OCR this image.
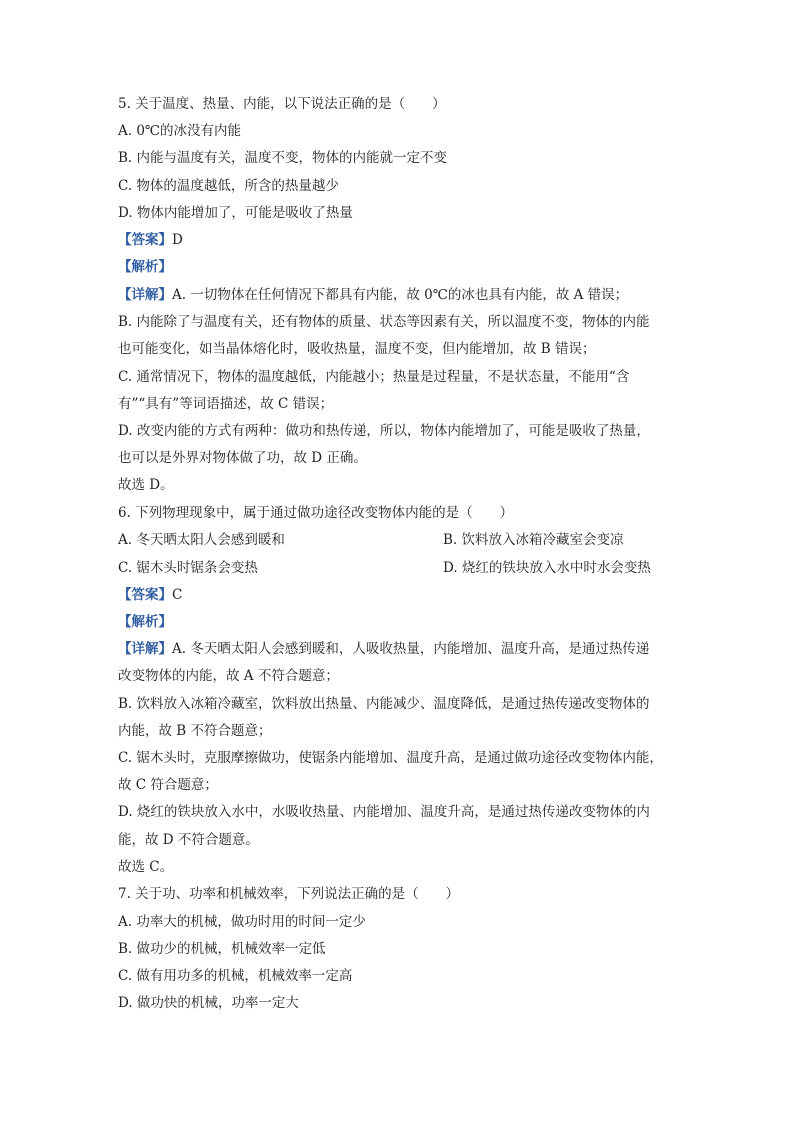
5. 关于温度、热量、内能，以下说法正确的是（　　）
A. 0℃的冰没有内能
B. 内能与温度有关，温度不变，物体的内能就一定不变
C. 物体的温度越低，所含的热量越少
D. 物体内能增加了，可能是吸收了热量
【答案】D
【解析】
【详解】A. 一切物体在任何情况下都具有内能，故 0℃的冰也具有内能，故 A 错误；
B. 内能除了与温度有关，还有物体的质量、状态等因素有关，所以温度不变，物体的内能
也可能变化，如当晶体熔化时，吸收热量，温度不变，但内能增加，故 B 错误；
C. 通常情况下，物体的温度越低，内能越小；热量是过程量，不是状态量，不能用“含
有”“具有”等词语描述，故 C 错误；
D. 改变内能的方式有两种：做功和热传递，所以，物体内能增加了，可能是吸收了热量，
也可以是外界对物体做了功，故 D 正确。
故选 D。
6. 下列物理现象中，属于通过做功途径改变物体内能的是（　　）
A. 冬天晒太阳人会感到暖和	B. 饮料放入冰箱冷藏室会变凉
C. 锯木头时锯条会变热	D. 烧红的铁块放入水中时水会变热
【答案】C
【解析】
【详解】A. 冬天晒太阳人会感到暖和，人吸收热量，内能增加、温度升高，是通过热传递
改变物体的内能，故 A 不符合题意；
B. 饮料放入冰箱冷藏室，饮料放出热量、内能减少、温度降低，是通过热传递改变物体的
内能，故 B 不符合题意；
C. 锯木头时，克服摩擦做功，使锯条内能增加、温度升高，是通过做功途径改变物体内能，
故 C 符合题意；
D. 烧红的铁块放入水中，水吸收热量、内能增加、温度升高，是通过热传递改变物体的内
能，故 D 不符合题意。
故选 C。
7. 关于功、功率和机械效率，下列说法正确的是（　　）
A. 功率大的机械，做功时用的时间一定少
B. 做功少的机械，机械效率一定低
C. 做有用功多的机械，机械效率一定高
D. 做功快的机械，功率一定大
